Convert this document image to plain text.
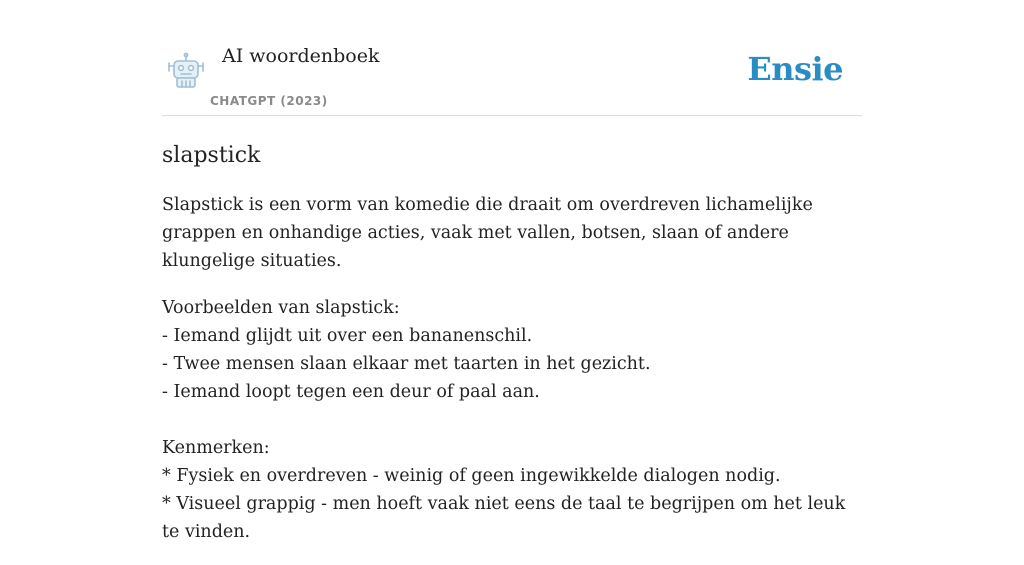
AI woordenboek
CHATGPT (2023)
Ensie
slapstick

Slapstick is een vorm van komedie die draait om overdreven lichamelijke grappen en onhandige acties, vaak met vallen, botsen, slaan of andere klungelige situaties.

Voorbeelden van slapstick:
- Iemand glijdt uit over een bananenschil.
- Twee mensen slaan elkaar met taarten in het gezicht.
- Iemand loopt tegen een deur of paal aan.

Kenmerken:
* Fysiek en overdreven - weinig of geen ingewikkelde dialogen nodig.
* Visueel grappig - men hoeft vaak niet eens de taal te begrijpen om het leuk te vinden.
